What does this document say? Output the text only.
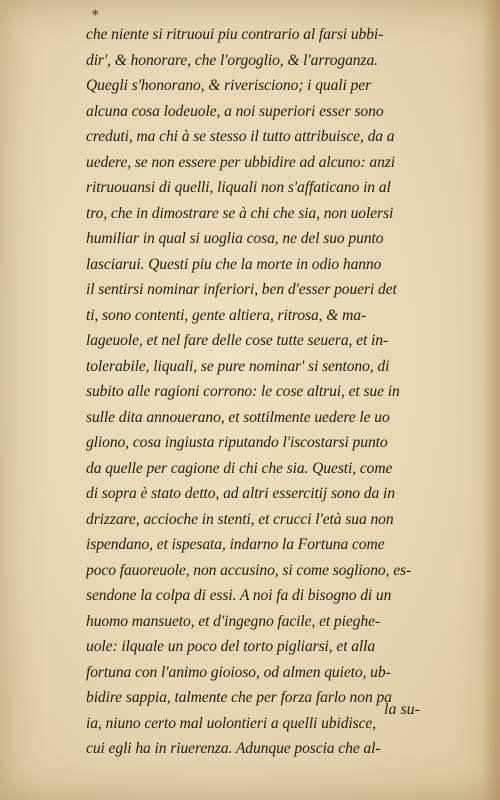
⁎
che niente si ritruoui piu contrario al farsi ubbi-
dir', & honorare, che l'orgoglio, & l'arroganza.
Quegli s'honorano, & riverisciono; i quali per
alcuna cosa lodeuole, a noi superiori esser sono
creduti, ma chi à se stesso il tutto attribuisce, da a
uedere, se non essere per ubbidire ad alcuno: anzi
ritruouansi di quelli, liquali non s'affaticano in al
tro, che in dimostrare se à chi che sia, non uolersi
humiliar in qual si uoglia cosa, ne del suo punto
lasciarui. Questi piu che la morte in odio hanno
il sentirsi nominar inferiori, ben d'esser poueri det
ti, sono contenti, gente altiera, ritrosa, & ma-
lageuole, et nel fare delle cose tutte seuera, et in-
tolerabile, liquali, se pure nominar' si sentono, di
subito alle ragioni corrono: le cose altrui, et sue in
sulle dita annouerano, et sottilmente uedere le uo
gliono, cosa ingiusta riputando l'iscostarsi punto
da quelle per cagione di chi che sia. Questi, come
di sopra è stato detto, ad altri essercitij sono da in
drizzare, accioche in stenti, et crucci l'età sua non
ispendano, et ispesata, indarno la Fortuna come
poco fauoreuole, non accusino, si come sogliono, es-
sendone la colpa di essi. A noi fa di bisogno di un
huomo mansueto, et d'ingegno facile, et pieghe-
uole: ilquale un poco del torto pigliarsi, et alla
fortuna con l'animo gioioso, od almen quieto, ub-
bidire sappia, talmente che per forza farlo non pa
ia, niuno certo mal uolontieri a quelli ubidisce,
cui egli ha in riuerenza. Adunque poscia che al-
la su-
